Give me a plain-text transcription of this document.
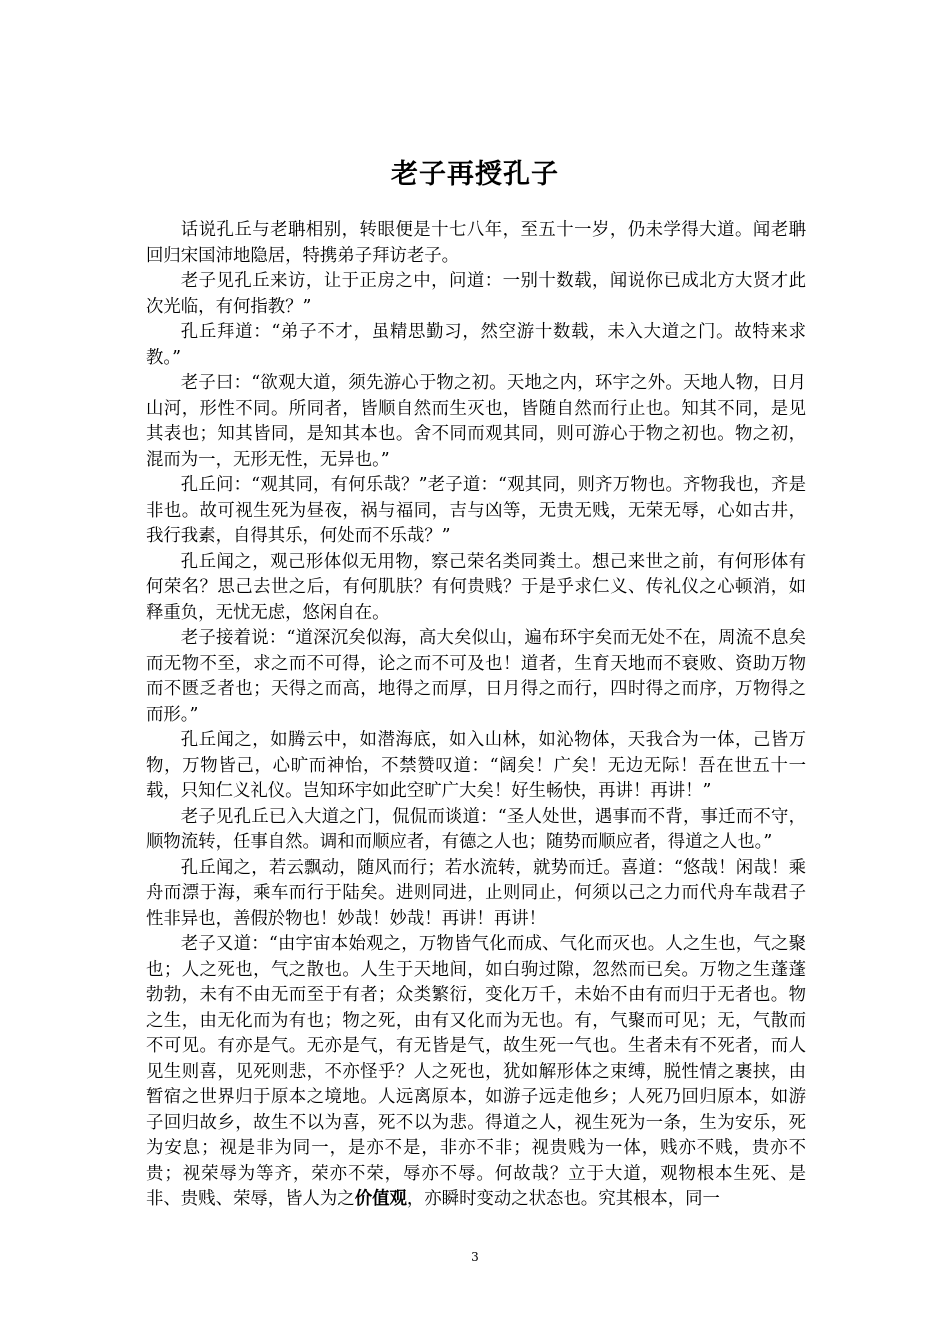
老子再授孔子

话说孔丘与老聃相别，转眼便是十七八年，至五十一岁，仍未学得大道。闻老聃回归宋国沛地隐居，特携弟子拜访老子。

老子见孔丘来访，让于正房之中，问道：一别十数载，闻说你已成北方大贤才此次光临，有何指教？”

孔丘拜道：“弟子不才，虽精思勤习，然空游十数载，未入大道之门。故特来求教。”

老子曰：“欲观大道，须先游心于物之初。天地之内，环宇之外。天地人物，日月山河，形性不同。所同者，皆顺自然而生灭也，皆随自然而行止也。知其不同，是见其表也；知其皆同，是知其本也。舍不同而观其同，则可游心于物之初也。物之初，混而为一，无形无性，无异也。”

孔丘问：“观其同，有何乐哉？”老子道：“观其同，则齐万物也。齐物我也，齐是非也。故可视生死为昼夜，祸与福同，吉与凶等，无贵无贱，无荣无辱，心如古井，我行我素，自得其乐，何处而不乐哉？”

孔丘闻之，观己形体似无用物，察己荣名类同粪土。想己来世之前，有何形体有何荣名？思己去世之后，有何肌肤？有何贵贱？于是乎求仁义、传礼仪之心顿消，如释重负，无忧无虑，悠闲自在。

老子接着说：“道深沉矣似海，高大矣似山，遍布环宇矣而无处不在，周流不息矣而无物不至，求之而不可得，论之而不可及也！道者，生育天地而不衰败、资助万物而不匮乏者也；天得之而高，地得之而厚，日月得之而行，四时得之而序，万物得之而形。”

孔丘闻之，如腾云中，如潜海底，如入山林，如沁物体，天我合为一体，己皆万物，万物皆己，心旷而神怡，不禁赞叹道：“阔矣！广矣！无边无际！吾在世五十一载，只知仁义礼仪。岂知环宇如此空旷广大矣！好生畅快，再讲！再讲！”

老子见孔丘已入大道之门，侃侃而谈道：“圣人处世，遇事而不背，事迁而不守，顺物流转，任事自然。调和而顺应者，有德之人也；随势而顺应者，得道之人也。”

孔丘闻之，若云飘动，随风而行；若水流转，就势而迁。喜道：“悠哉！闲哉！乘舟而漂于海，乘车而行于陆矣。进则同进，止则同止，何须以己之力而代舟车哉君子性非异也，善假於物也！妙哉！妙哉！再讲！再讲！

老子又道：“由宇宙本始观之，万物皆气化而成、气化而灭也。人之生也，气之聚也；人之死也，气之散也。人生于天地间，如白驹过隙，忽然而已矣。万物之生蓬蓬勃勃，未有不由无而至于有者；众类繁衍，变化万千，未始不由有而归于无者也。物之生，由无化而为有也；物之死，由有又化而为无也。有，气聚而可见；无，气散而不可见。有亦是气。无亦是气，有无皆是气，故生死一气也。生者未有不死者，而人见生则喜，见死则悲，不亦怪乎？人之死也，犹如解形体之束缚，脱性情之裹挟，由暂宿之世界归于原本之境地。人远离原本，如游子远走他乡；人死乃回归原本，如游子回归故乡，故生不以为喜，死不以为悲。得道之人，视生死为一条，生为安乐，死为安息；视是非为同一，是亦不是，非亦不非；视贵贱为一体，贱亦不贱，贵亦不贵；视荣辱为等齐，荣亦不荣，辱亦不辱。何故哉？立于大道，观物根本生死、是非、贵贱、荣辱，皆人为之价值观，亦瞬时变动之状态也。究其根本，同一

3
